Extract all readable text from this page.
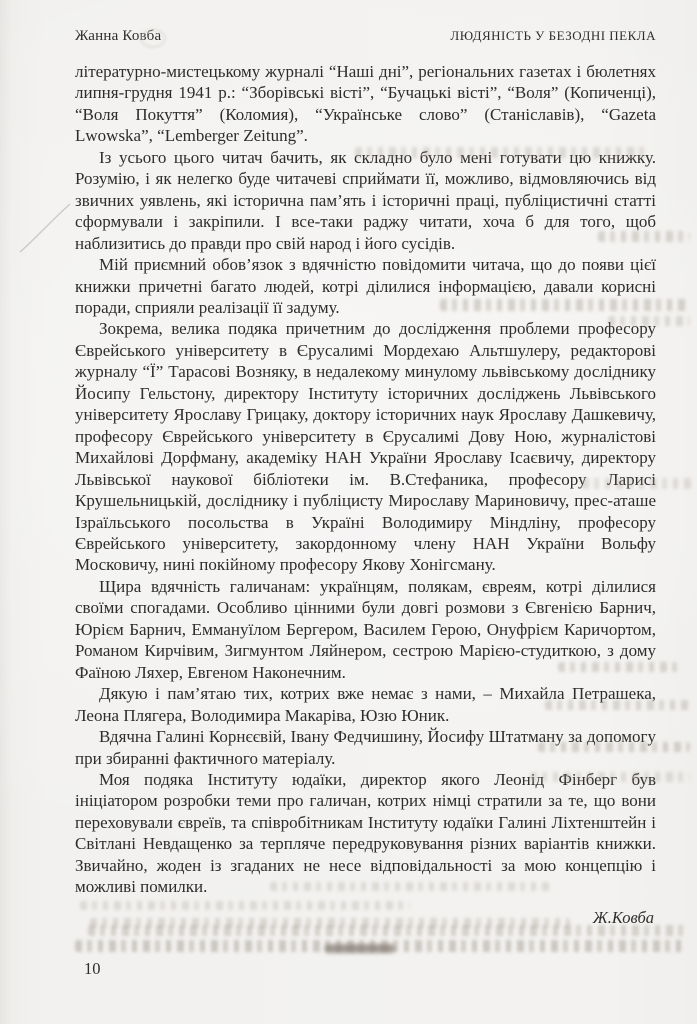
Жанна Ковба	ЛЮДЯНІСТЬ У БЕЗОДНІ ПЕКЛА

літературно-мистецькому журналі “Наші дні”, регіональних газетах і бюлетнях липня-грудня 1941 р.: “Зборівські вісті”, “Бучацькі вісті”, “Воля” (Копиченці), “Воля Покуття” (Коломия), “Українське слово” (Станіславів), “Gazeta Lwowska”, “Lemberger Zeitung”.

Із усього цього читач бачить, як складно було мені готувати цю книжку. Розумію, і як нелегко буде читачеві сприймати її, можливо, відмовляючись від звичних уявлень, які історична пам’ять і історичні праці, публіцистичні статті сформували і закріпили. І все-таки раджу читати, хоча б для того, щоб наблизитись до правди про свій народ і його сусідів.

Мій приємний обов’язок з вдячністю повідомити читача, що до появи цієї книжки причетні багато людей, котрі ділилися інформацією, давали корисні поради, сприяли реалізації її задуму.

Зокрема, велика подяка причетним до дослідження проблеми професору Єврейського університету в Єрусалимі Мордехаю Альтшулеру, редакторові журналу “Ї” Тарасові Возняку, в недалекому минулому львівському досліднику Йосипу Гельстону, директору Інституту історичних досліджень Львівського університету Ярославу Грицаку, доктору історичних наук Ярославу Дашкевичу, професору Єврейського університету в Єрусалимі Дову Ною, журналістові Михайлові Дорфману, академіку НАН України Ярославу Ісаєвичу, директору Львівської наукової бібліотеки ім. В.Стефаника, професору Ларисі Крушельницькій, досліднику і публіцисту Мирославу Мариновичу, прес-аташе Ізраїльського посольства в Україні Володимиру Міндліну, професору Єврейського університету, закордонному члену НАН України Вольфу Московичу, нині покійному професору Якову Хонігсману.

Щира вдячність галичанам: українцям, полякам, євреям, котрі ділилися своїми спогадами. Особливо цінними були довгі розмови з Євгенією Барнич, Юрієм Барнич, Еммануїлом Бергером, Василем Герою, Онуфрієм Каричортом, Романом Кирчівим, Зигмунтом Ляйнером, сестрою Марією-студиткою, з дому Фаїною Ляхер, Евгеном Наконечним.

Дякую і пам’ятаю тих, котрих вже немає з нами, – Михайла Петрашека, Леона Плягера, Володимира Макаріва, Юзю Юник.

Вдячна Галині Корнєєвій, Івану Федчишину, Йосифу Штатману за допомогу при збиранні фактичного матеріалу.

Моя подяка Інституту юдаїки, директор якого Леонід Фінберг був ініціатором розробки теми про галичан, котрих німці стратили за те, що вони переховували євреїв, та співробітникам Інституту юдаїки Галині Ліхтенштейн і Світлані Невдащенко за терпляче передруковування різних варіантів книжки. Звичайно, жоден із згаданих не несе відповідальності за мою концепцію і можливі помилки.

Ж.Ковба
10
